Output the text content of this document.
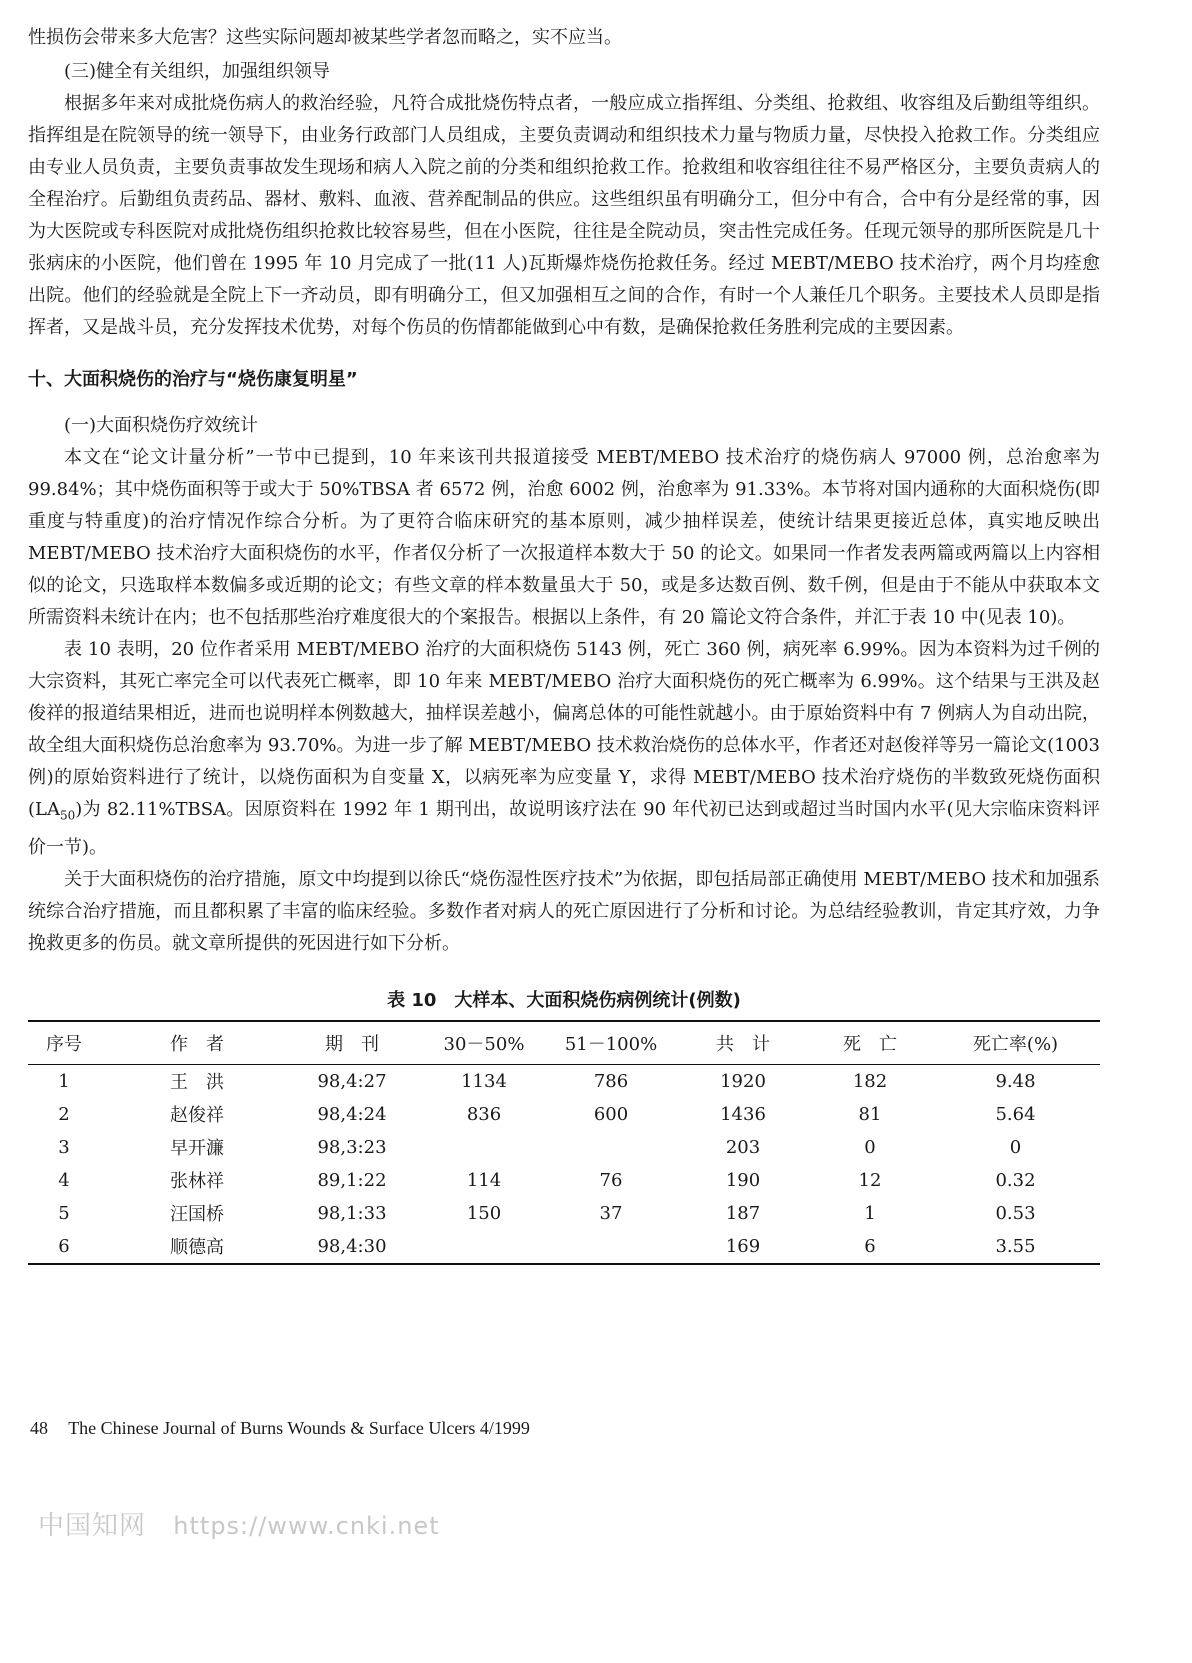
性损伤会带来多大危害？这些实际问题却被某些学者忽而略之，实不应当。

(三)健全有关组织，加强组织领导

根据多年来对成批烧伤病人的救治经验，凡符合成批烧伤特点者，一般应成立指挥组、分类组、抢救组、收容组及后勤组等组织。指挥组是在院领导的统一领导下，由业务行政部门人员组成，主要负责调动和组织技术力量与物质力量，尽快投入抢救工作。分类组应由专业人员负责，主要负责事故发生现场和病人入院之前的分类和组织抢救工作。抢救组和收容组往往不易严格区分，主要负责病人的全程治疗。后勤组负责药品、器材、敷料、血液、营养配制品的供应。这些组织虽有明确分工，但分中有合，合中有分是经常的事，因为大医院或专科医院对成批烧伤组织抢救比较容易些，但在小医院，往往是全院动员，突击性完成任务。任现元领导的那所医院是几十张病床的小医院，他们曾在 1995 年 10 月完成了一批(11 人)瓦斯爆炸烧伤抢救任务。经过 MEBT/MEBO 技术治疗，两个月均痊愈出院。他们的经验就是全院上下一齐动员，即有明确分工，但又加强相互之间的合作，有时一个人兼任几个职务。主要技术人员即是指挥者，又是战斗员，充分发挥技术优势，对每个伤员的伤情都能做到心中有数，是确保抢救任务胜利完成的主要因素。

十、大面积烧伤的治疗与“烧伤康复明星”

(一)大面积烧伤疗效统计

本文在“论文计量分析”一节中已提到，10 年来该刊共报道接受 MEBT/MEBO 技术治疗的烧伤病人 97000 例，总治愈率为 99.84%；其中烧伤面积等于或大于 50%TBSA 者 6572 例，治愈 6002 例，治愈率为 91.33%。本节将对国内通称的大面积烧伤(即重度与特重度)的治疗情况作综合分析。为了更符合临床研究的基本原则，减少抽样误差，使统计结果更接近总体，真实地反映出 MEBT/MEBO 技术治疗大面积烧伤的水平，作者仅分析了一次报道样本数大于 50 的论文。如果同一作者发表两篇或两篇以上内容相似的论文，只选取样本数偏多或近期的论文；有些文章的样本数量虽大于 50，或是多达数百例、数千例，但是由于不能从中获取本文所需资料未统计在内；也不包括那些治疗难度很大的个案报告。根据以上条件，有 20 篇论文符合条件，并汇于表 10 中(见表 10)。

表 10 表明，20 位作者采用 MEBT/MEBO 治疗的大面积烧伤 5143 例，死亡 360 例，病死率 6.99%。因为本资料为过千例的大宗资料，其死亡率完全可以代表死亡概率，即 10 年来 MEBT/MEBO 治疗大面积烧伤的死亡概率为 6.99%。这个结果与王洪及赵俊祥的报道结果相近，进而也说明样本例数越大，抽样误差越小，偏离总体的可能性就越小。由于原始资料中有 7 例病人为自动出院，故全组大面积烧伤总治愈率为 93.70%。为进一步了解 MEBT/MEBO 技术救治烧伤的总体水平，作者还对赵俊祥等另一篇论文(1003 例)的原始资料进行了统计，以烧伤面积为自变量 X，以病死率为应变量 Y，求得 MEBT/MEBO 技术治疗烧伤的半数致死烧伤面积$(LA_{50})$为 82.11%TBSA。因原资料在 1992 年 1 期刊出，故说明该疗法在 90 年代初已达到或超过当时国内水平(见大宗临床资料评价一节)。

关于大面积烧伤的治疗措施，原文中均提到以徐氏“烧伤湿性医疗技术”为依据，即包括局部正确使用 MEBT/MEBO 技术和加强系统综合治疗措施，而且都积累了丰富的临床经验。多数作者对病人的死亡原因进行了分析和讨论。为总结经验教训，肯定其疗效，力争挽救更多的伤员。就文章所提供的死因进行如下分析。

表 10　大样本、大面积烧伤病例统计(例数)
序号	作　者	期　刊	30－50%	51－100%	共　计	死　亡	死亡率(%)
1	王　洪	98,4:27	1134	786	1920	182	9.48
2	赵俊祥	98,4:24	836	600	1436	81	5.64
3	早开濂	98,3:23			203	0	0
4	张林祥	89,1:22	114	76	190	12	0.32
5	汪国桥	98,1:33	150	37	187	1	0.53
6	顺德高	98,4:30			169	6	3.55
48 The Chinese Journal of Burns Wounds & Surface Ulcers 4/1999
中国知网 https://www.cnki.net
